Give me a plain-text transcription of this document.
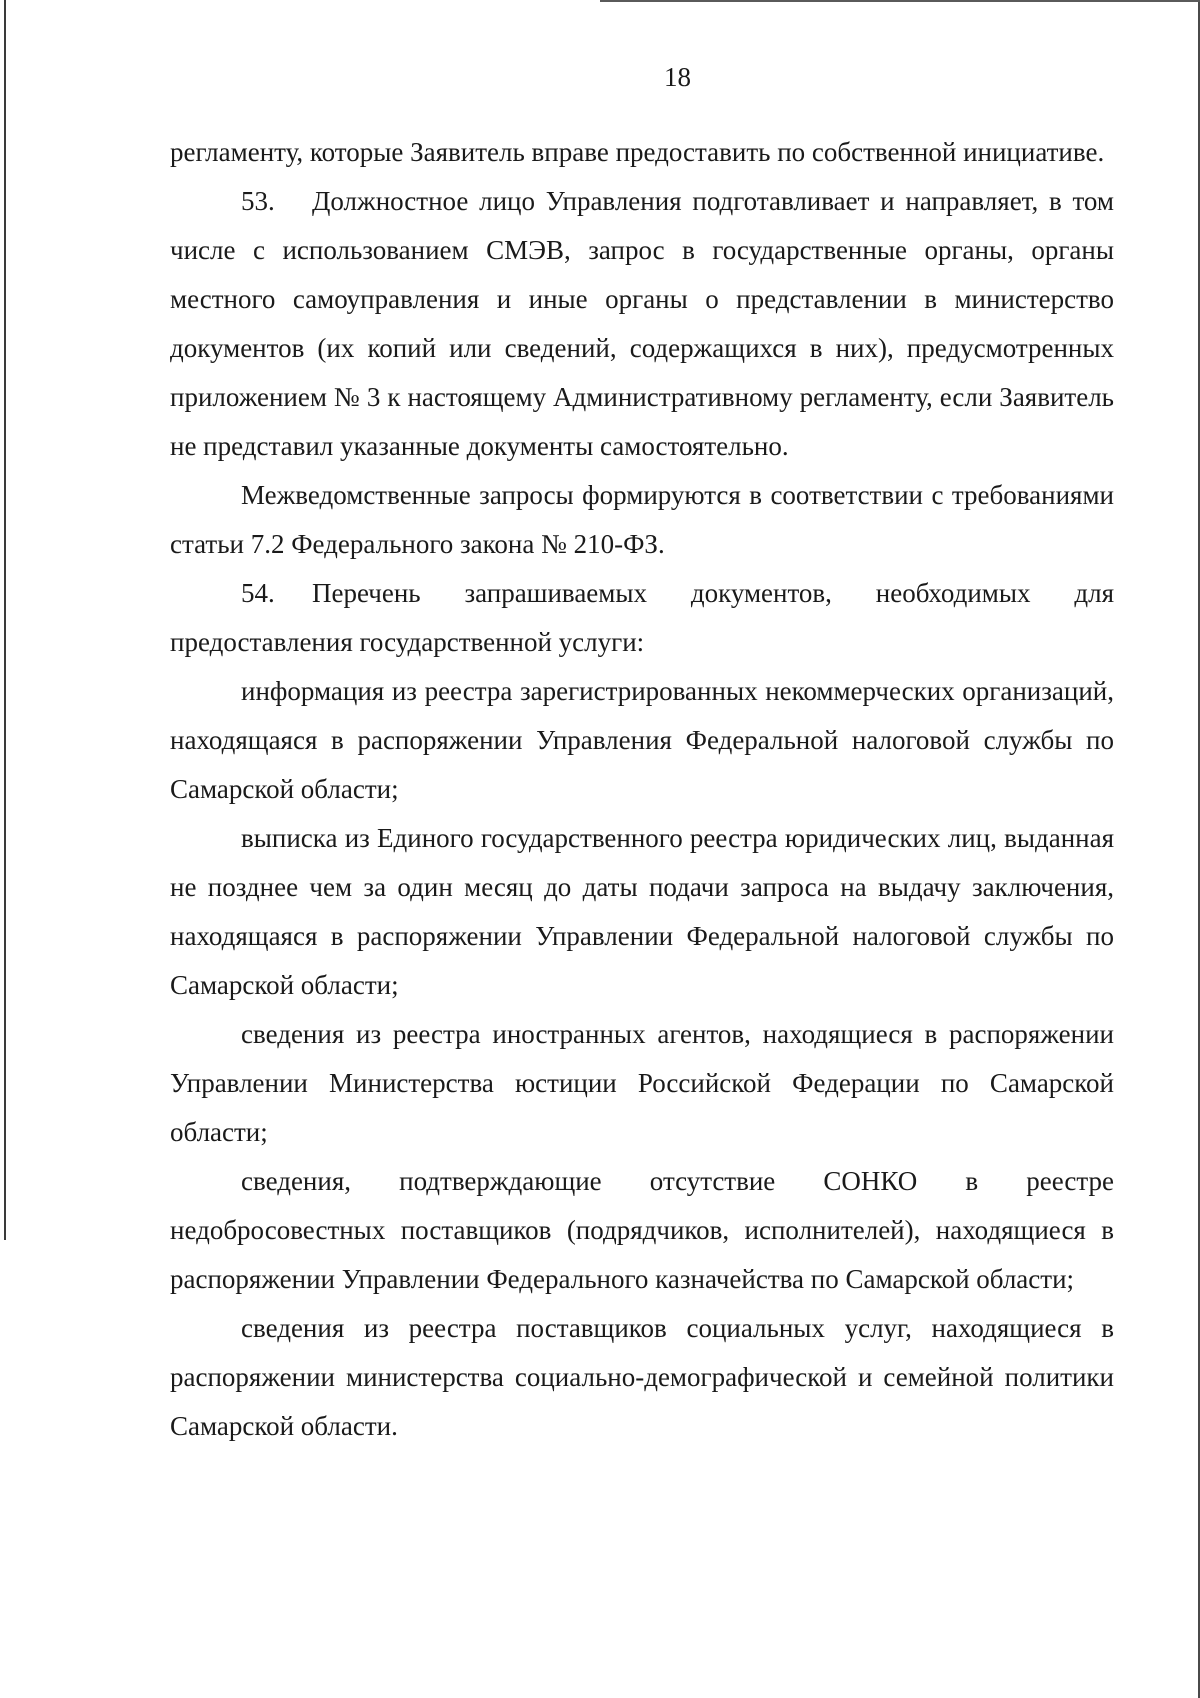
18

регламенту, которые Заявитель вправе предоставить по собственной инициативе.

53. Должностное лицо Управления подготавливает и направляет, в том числе с использованием СМЭВ, запрос в государственные органы, органы местного самоуправления и иные органы о представлении в министерство документов (их копий или сведений, содержащихся в них), предусмотренных приложением № 3 к настоящему Административному регламенту, если Заявитель не представил указанные документы самостоятельно.

Межведомственные запросы формируются в соответствии с требованиями статьи 7.2 Федерального закона № 210-ФЗ.

54. Перечень запрашиваемых документов, необходимых для предоставления государственной услуги:

информация из реестра зарегистрированных некоммерческих организаций, находящаяся в распоряжении Управления Федеральной налоговой службы по Самарской области;

выписка из Единого государственного реестра юридических лиц, выданная не позднее чем за один месяц до даты подачи запроса на выдачу заключения, находящаяся в распоряжении Управлении Федеральной налоговой службы по Самарской области;

сведения из реестра иностранных агентов, находящиеся в распоряжении Управлении Министерства юстиции Российской Федерации по Самарской области;

сведения, подтверждающие отсутствие СОНКО в реестре недобросовестных поставщиков (подрядчиков, исполнителей), находящиеся в распоряжении Управлении Федерального казначейства по Самарской области;

сведения из реестра поставщиков социальных услуг, находящиеся в распоряжении министерства социально-демографической и семейной политики Самарской области.
